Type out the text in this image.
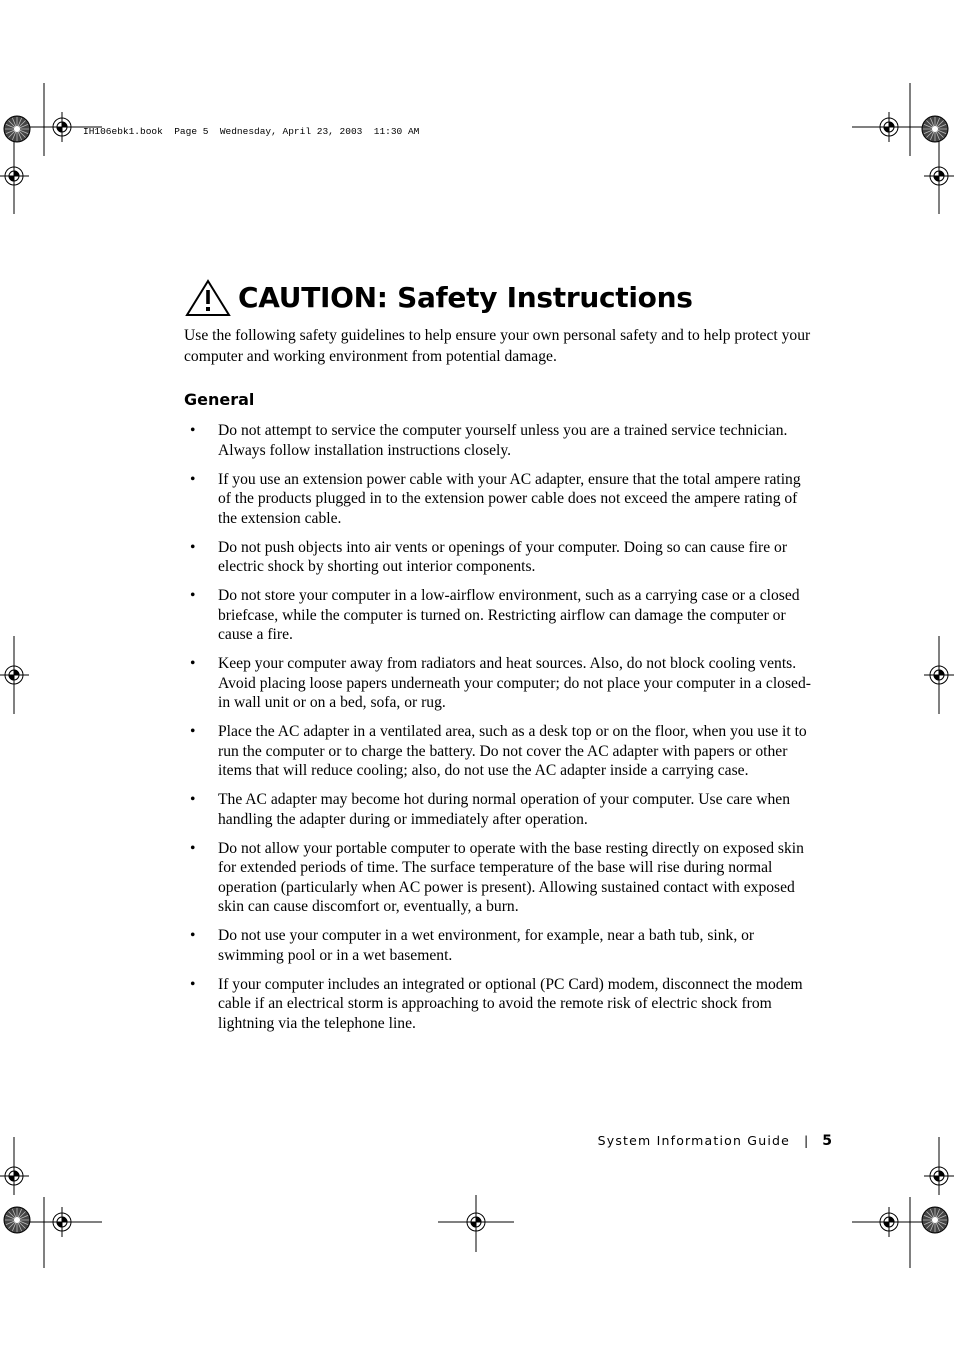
IH106ebk1.book  Page 5  Wednesday, April 23, 2003  11:30 AM
CAUTION: Safety Instructions

Use the following safety guidelines to help ensure your own personal safety and to help protect your computer and working environment from potential damage.

General
• Do not attempt to service the computer yourself unless you are a trained service technician. Always follow installation instructions closely.
• If you use an extension power cable with your AC adapter, ensure that the total ampere rating of the products plugged in to the extension power cable does not exceed the ampere rating of the extension cable.
• Do not push objects into air vents or openings of your computer. Doing so can cause fire or electric shock by shorting out interior components.
• Do not store your computer in a low-airflow environment, such as a carrying case or a closed briefcase, while the computer is turned on. Restricting airflow can damage the computer or cause a fire.
• Keep your computer away from radiators and heat sources. Also, do not block cooling vents. Avoid placing loose papers underneath your computer; do not place your computer in a closed-in wall unit or on a bed, sofa, or rug.
• Place the AC adapter in a ventilated area, such as a desk top or on the floor, when you use it to run the computer or to charge the battery. Do not cover the AC adapter with papers or other items that will reduce cooling; also, do not use the AC adapter inside a carrying case.
• The AC adapter may become hot during normal operation of your computer. Use care when handling the adapter during or immediately after operation.
• Do not allow your portable computer to operate with the base resting directly on exposed skin for extended periods of time. The surface temperature of the base will rise during normal operation (particularly when AC power is present). Allowing sustained contact with exposed skin can cause discomfort or, eventually, a burn.
• Do not use your computer in a wet environment, for example, near a bath tub, sink, or swimming pool or in a wet basement.
• If your computer includes an integrated or optional (PC Card) modem, disconnect the modem cable if an electrical storm is approaching to avoid the remote risk of electric shock from lightning via the telephone line.
System Information Guide | 5
